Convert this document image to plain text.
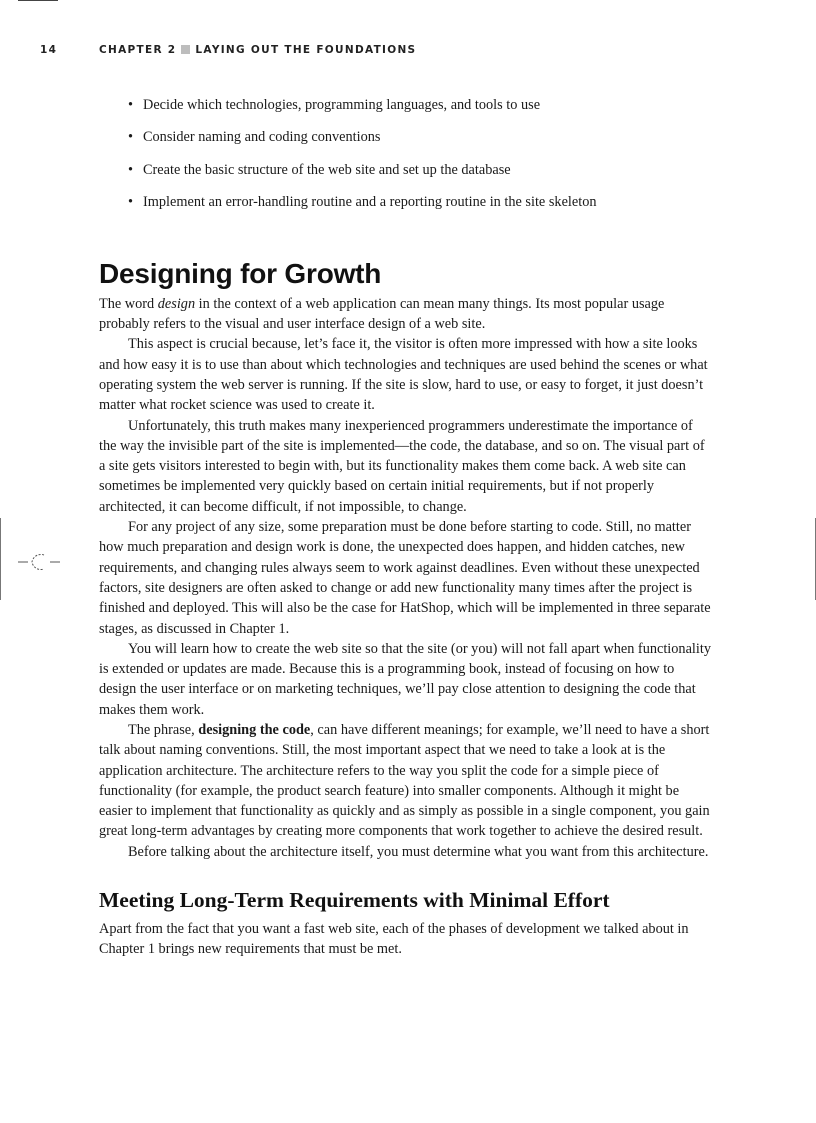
14	CHAPTER 2 LAYING OUT THE FOUNDATIONS
• Decide which technologies, programming languages, and tools to use
• Consider naming and coding conventions
• Create the basic structure of the web site and set up the database
• Implement an error-handling routine and a reporting routine in the site skeleton
Designing for Growth

The word design in the context of a web application can mean many things. Its most popular usage probably refers to the visual and user interface design of a web site.

This aspect is crucial because, let’s face it, the visitor is often more impressed with how a site looks and how easy it is to use than about which technologies and techniques are used behind the scenes or what operating system the web server is running. If the site is slow, hard to use, or easy to forget, it just doesn’t matter what rocket science was used to create it.

Unfortunately, this truth makes many inexperienced programmers underestimate the importance of the way the invisible part of the site is implemented—the code, the database, and so on. The visual part of a site gets visitors interested to begin with, but its functionality makes them come back. A web site can sometimes be implemented very quickly based on certain initial requirements, but if not properly architected, it can become difficult, if not impossible, to change.

For any project of any size, some preparation must be done before starting to code. Still, no matter how much preparation and design work is done, the unexpected does happen, and hidden catches, new requirements, and changing rules always seem to work against deadlines. Even without these unexpected factors, site designers are often asked to change or add new functionality many times after the project is finished and deployed. This will also be the case for HatShop, which will be implemented in three separate stages, as discussed in Chapter 1.

You will learn how to create the web site so that the site (or you) will not fall apart when functionality is extended or updates are made. Because this is a programming book, instead of focusing on how to design the user interface or on marketing techniques, we’ll pay close attention to designing the code that makes them work.

The phrase, designing the code, can have different meanings; for example, we’ll need to have a short talk about naming conventions. Still, the most important aspect that we need to take a look at is the application architecture. The architecture refers to the way you split the code for a simple piece of functionality (for example, the product search feature) into smaller components. Although it might be easier to implement that functionality as quickly and as simply as possible in a single component, you gain great long-term advantages by creating more components that work together to achieve the desired result.

Before talking about the architecture itself, you must determine what you want from this architecture.

Meeting Long-Term Requirements with Minimal Effort

Apart from the fact that you want a fast web site, each of the phases of development we talked about in Chapter 1 brings new requirements that must be met.
